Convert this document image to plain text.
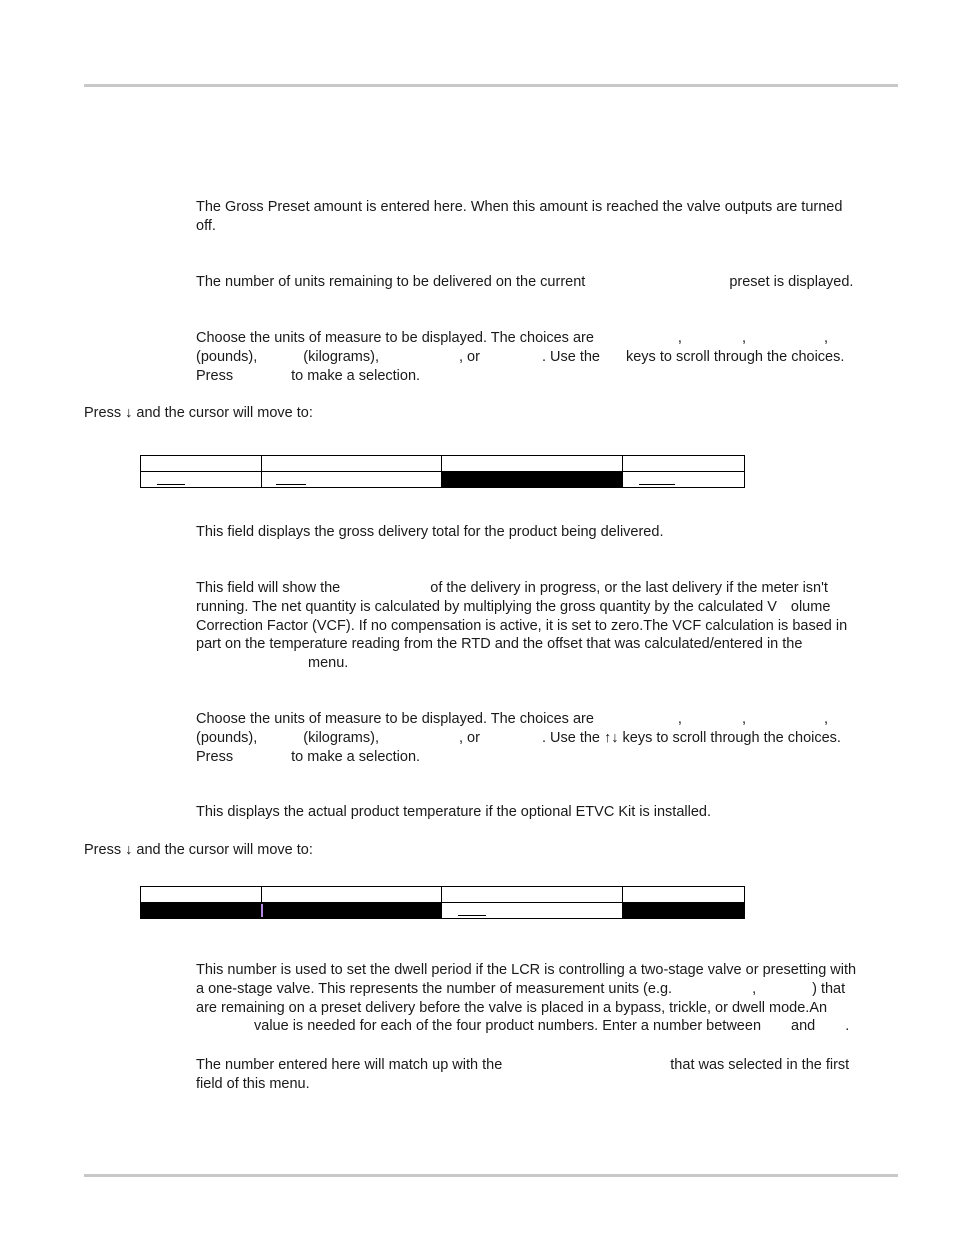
The Gross Preset amount is entered here. When this amount is reached the valve outputs are turned
off.

The number of units remaining to be delivered on the current	preset is displayed.

Choose the units of measure to be displayed. The choices are	,	,	,
(pounds),	(kilograms),	, or	. Use the keys to scroll through the choices.
Press	to make a selection.

Press ↓ and the cursor will move to:

This field displays the gross delivery total for the product being delivered.

This field will show the	of the delivery in progress, or the last delivery if the meter isn't
running. The net quantity is calculated by multiplying the gross quantity by the calculated V olume
Correction Factor (VCF). If no compensation is active, it is set to zero.The VCF calculation is based in
part on the temperature reading from the RTD and the offset that was calculated/entered in the
menu.

Choose the units of measure to be displayed. The choices are	,	,	,
(pounds),	(kilograms),	, or	. Use the ↑↓ keys to scroll through the choices.
Press	to make a selection.

This displays the actual product temperature if the optional ETVC Kit is installed.

Press ↓ and the cursor will move to:

This number is used to set the dwell period if the LCR is controlling a two-stage valve or presetting with
a one-stage valve. This represents the number of measurement units (e.g.	,	) that
are remaining on a preset delivery before the valve is placed in a bypass, trickle, or dwell mode.An
value is needed for each of the four product numbers. Enter a number between and .

The number entered here will match up with the	that was selected in the first
field of this menu.
